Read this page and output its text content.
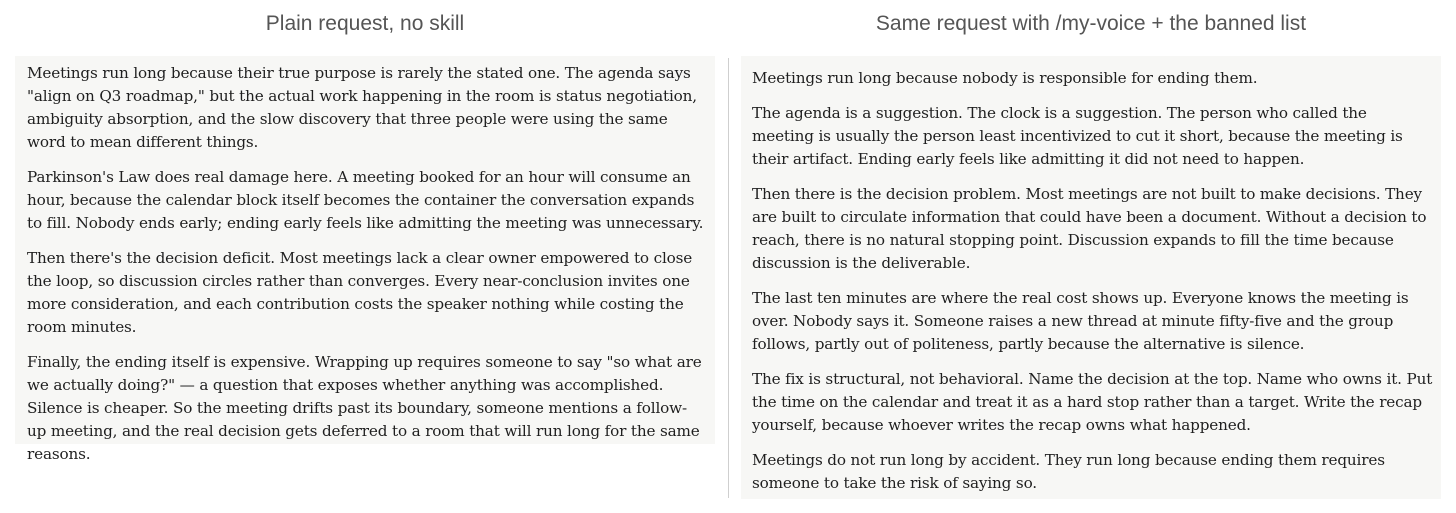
Plain request, no skill	Same request with /my-voice + the banned list

Meetings run long because their true purpose is rarely the stated one. The agenda says "align on Q3 roadmap," but the actual work happening in the room is status negotiation, ambiguity absorption, and the slow discovery that three people were using the same word to mean different things.

Parkinson's Law does real damage here. A meeting booked for an hour will consume an hour, because the calendar block itself becomes the container the conversation expands to fill. Nobody ends early; ending early feels like admitting the meeting was unnecessary.

Then there's the decision deficit. Most meetings lack a clear owner empowered to close the loop, so discussion circles rather than converges. Every near-conclusion invites one more consideration, and each contribution costs the speaker nothing while costing the room minutes.

Finally, the ending itself is expensive. Wrapping up requires someone to say "so what are we actually doing?" — a question that exposes whether anything was accomplished. Silence is cheaper. So the meeting drifts past its boundary, someone mentions a follow-up meeting, and the real decision gets deferred to a room that will run long for the same reasons.

Meetings run long because nobody is responsible for ending them.

The agenda is a suggestion. The clock is a suggestion. The person who called the meeting is usually the person least incentivized to cut it short, because the meeting is their artifact. Ending early feels like admitting it did not need to happen.

Then there is the decision problem. Most meetings are not built to make decisions. They are built to circulate information that could have been a document. Without a decision to reach, there is no natural stopping point. Discussion expands to fill the time because discussion is the deliverable.

The last ten minutes are where the real cost shows up. Everyone knows the meeting is over. Nobody says it. Someone raises a new thread at minute fifty-five and the group follows, partly out of politeness, partly because the alternative is silence.

The fix is structural, not behavioral. Name the decision at the top. Name who owns it. Put the time on the calendar and treat it as a hard stop rather than a target. Write the recap yourself, because whoever writes the recap owns what happened.

Meetings do not run long by accident. They run long because ending them requires someone to take the risk of saying so.
